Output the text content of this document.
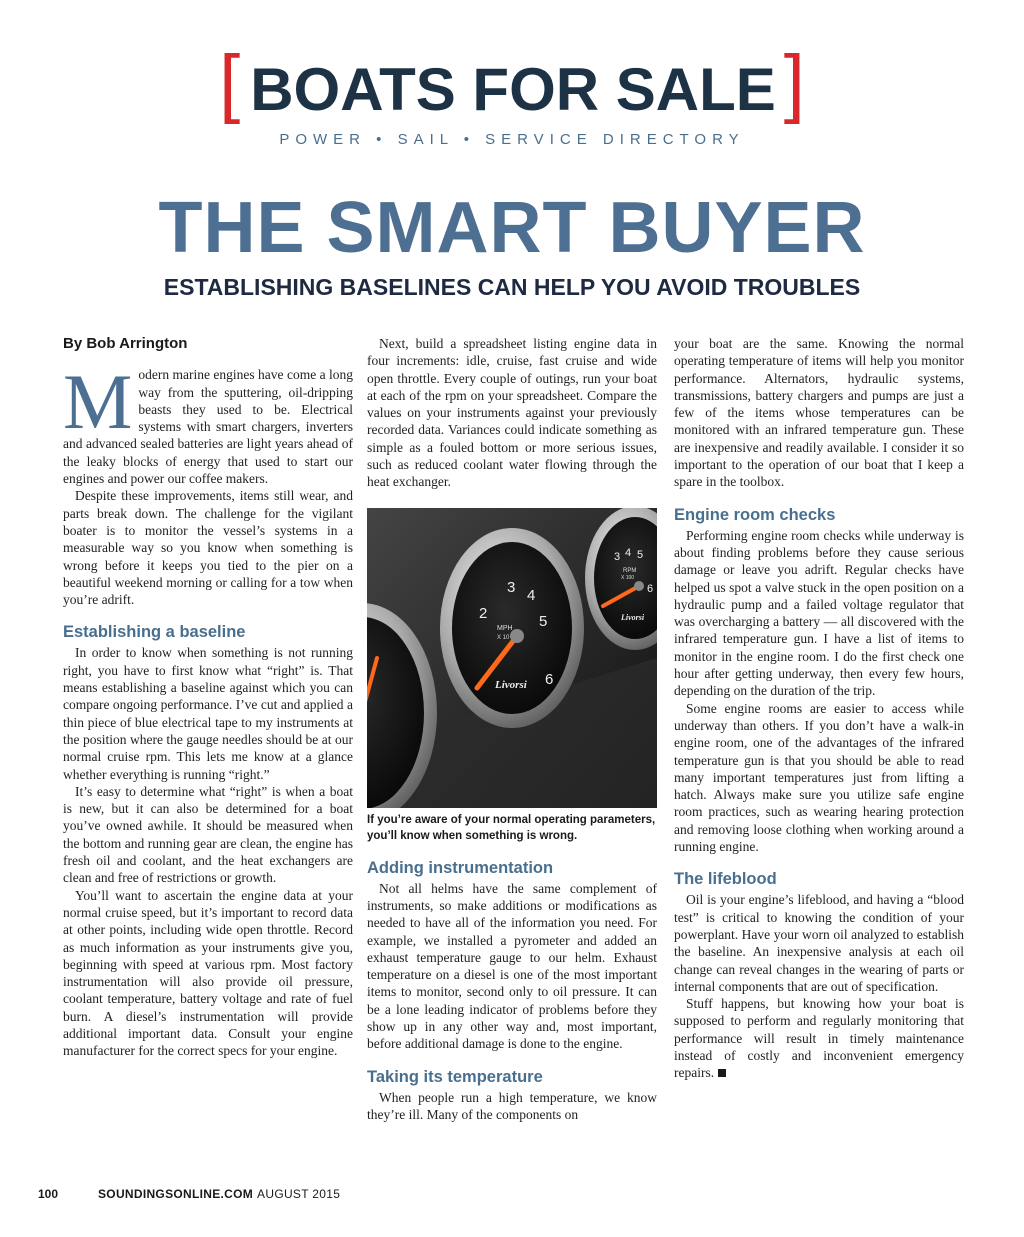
[ BOATS FOR SALE ]
POWER • SAIL • SERVICE DIRECTORY
THE SMART BUYER
ESTABLISHING BASELINES CAN HELP YOU AVOID TROUBLES
By Bob Arrington

Modern marine engines have come a long way from the sputtering, oil-dripping beasts they used to be. Electrical systems with smart chargers, inverters and advanced sealed batteries are light years ahead of the leaky blocks of energy that used to start our engines and power our coffee makers.

Despite these improvements, items still wear, and parts break down. The challenge for the vigilant boater is to monitor the vessel’s systems in a measurable way so you know when something is wrong before it keeps you tied to the pier on a beautiful weekend morning or calling for a tow when you’re adrift.

Establishing a baseline

In order to know when something is not running right, you have to first know what “right” is. That means establishing a baseline against which you can compare ongoing performance. I’ve cut and applied a thin piece of blue electrical tape to my instruments at the position where the gauge needles should be at our normal cruise rpm. This lets me know at a glance whether everything is running “right.”

It’s easy to determine what “right” is when a boat is new, but it can also be determined for a boat you’ve owned awhile. It should be measured when the bottom and running gear are clean, the engine has fresh oil and coolant, and the heat exchangers are clean and free of restrictions or growth.

You’ll want to ascertain the engine data at your normal cruise speed, but it’s important to record data at other points, including wide open throttle. Record as much information as your instruments give you, beginning with speed at various rpm. Most factory instrumentation will also provide oil pressure, coolant temperature, battery voltage and rate of fuel burn. A diesel’s instrumentation will provide additional important data. Consult your engine manufacturer for the correct specs for your engine.

Next, build a spreadsheet listing engine data in four increments: idle, cruise, fast cruise and wide open throttle. Every couple of outings, run your boat at each of the rpm on your spreadsheet. Compare the values on your instruments against your previously recorded data. Variances could indicate something as simple as a fouled bottom or more serious issues, such as reduced coolant water flowing through the heat exchanger.

2
3 4
5
6
MPH
X 10
Livorsi
3 4 5
6
RPM
X 100
Livorsi
If you’re aware of your normal operating parameters, you’ll know when something is wrong.
Adding instrumentation

Not all helms have the same complement of instruments, so make additions or modifications as needed to have all of the information you need. For example, we installed a pyrometer and added an exhaust temperature gauge to our helm. Exhaust temperature on a diesel is one of the most important items to monitor, second only to oil pressure. It can be a lone leading indicator of problems before they show up in any other way and, most important, before additional damage is done to the engine.

Taking its temperature

When people run a high temperature, we know they’re ill. Many of the components on

your boat are the same. Knowing the normal operating temperature of items will help you monitor performance. Alternators, hydraulic systems, transmissions, battery chargers and pumps are just a few of the items whose temperatures can be monitored with an infrared temperature gun. These are inexpensive and readily available. I consider it so important to the operation of our boat that I keep a spare in the toolbox.

Engine room checks

Performing engine room checks while underway is about finding problems before they cause serious damage or leave you adrift. Regular checks have helped us spot a valve stuck in the open position on a hydraulic pump and a failed voltage regulator that was overcharging a battery — all discovered with the infrared temperature gun. I have a list of items to monitor in the engine room. I do the first check one hour after getting underway, then every few hours, depending on the duration of the trip.

Some engine rooms are easier to access while underway than others. If you don’t have a walk-in engine room, one of the advantages of the infrared temperature gun is that you should be able to read many important temperatures just from lifting a hatch. Always make sure you utilize safe engine room practices, such as wearing hearing protection and removing loose clothing when working around a running engine.

The lifeblood

Oil is your engine’s lifeblood, and having a “blood test” is critical to knowing the condition of your powerplant. Have your worn oil analyzed to establish the baseline. An inexpensive analysis at each oil change can reveal changes in the wearing of parts or internal components that are out of specification.

Stuff happens, but knowing how your boat is supposed to perform and regularly monitoring that performance will result in timely maintenance instead of costly and inconvenient emergency repairs.

100	SOUNDINGSONLINE.COM AUGUST 2015
